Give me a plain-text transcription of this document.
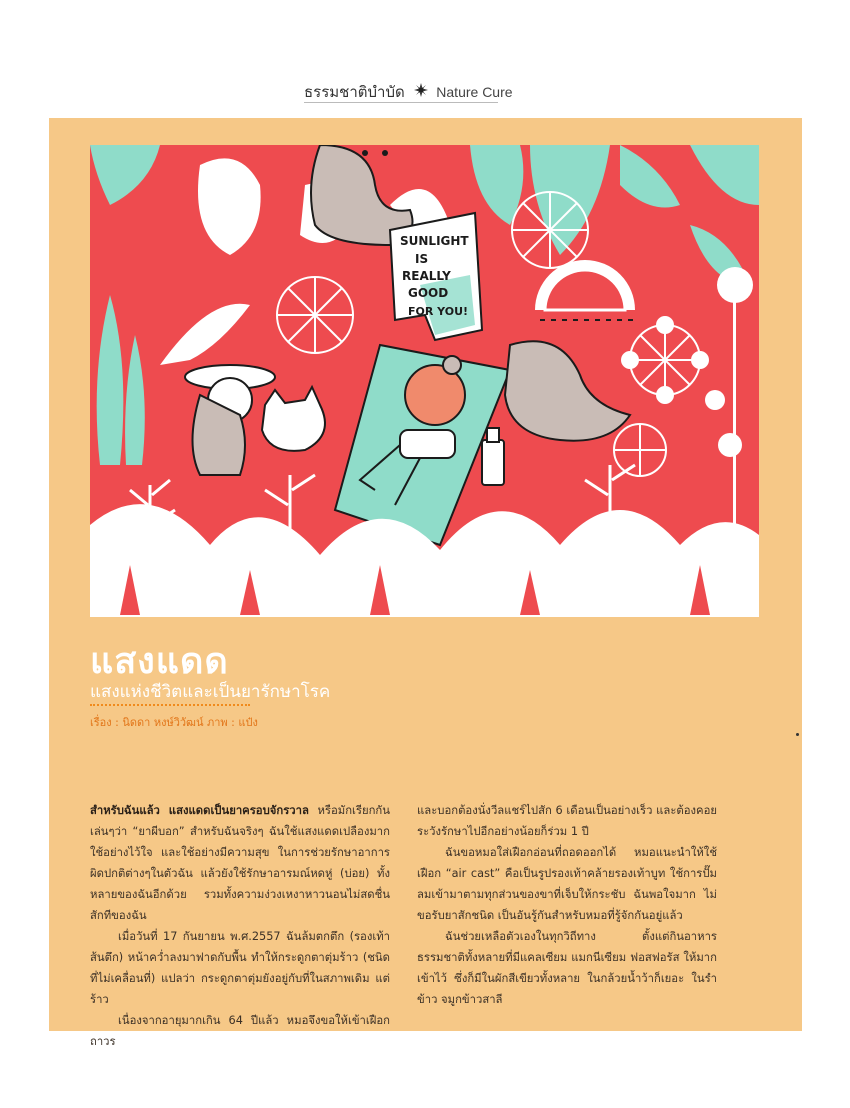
ธรรมชาติบำบัด Nature Cure
SUNLIGHT
IS
REALLY
GOOD
FOR YOU!
แสงแดด
แสงแห่งชีวิตและเป็นยารักษาโรค
เรื่อง : นิดดา หงษ์วิวัฒน์ ภาพ : แป๋ง

สำหรับฉันแล้ว แสงแดดเป็นยาครอบจักรวาล หรือมักเรียกกันเล่นๆว่า “ยาผีบอก” สำหรับฉันจริงๆ ฉันใช้แสงแดดเปลืองมาก ใช้อย่างไว้ใจ และใช้อย่างมีความสุข ในการช่วยรักษาอาการผิดปกติต่างๆในตัวฉัน แล้วยังใช้รักษาอารมณ์หดหู่ (บ่อย) ทั้งหลายของฉันอีกด้วย รวมทั้งความง่วงเหงาหาวนอนไม่สดชื่นสักทีของฉัน

เมื่อวันที่ 17 กันยายน พ.ศ.2557 ฉันล้มตกตึก (รองเท้าส้นตึก) หน้าคว่ำลงมาฟาดกับพื้น ทำให้กระดูกตาตุ่มร้าว (ชนิดที่ไม่เคลื่อนที่) แปลว่า กระดูกตาตุ่มยังอยู่กับที่ในสภาพเดิม แต่ร้าว

เนื่องจากอายุมากเกิน 64 ปีแล้ว หมอจึงขอให้เข้าเฝือกถาวร

และบอกต้องนั่งวีลแชร์ไปสัก 6 เดือนเป็นอย่างเร็ว และต้องคอยระวังรักษาไปอีกอย่างน้อยก็ร่วม 1 ปี

ฉันขอหมอใส่เฝือกอ่อนที่ถอดออกได้ หมอแนะนำให้ใช้เฝือก “air cast” คือเป็นรูปรองเท้าคล้ายรองเท้าบูท ใช้การปั๊มลมเข้ามาตามทุกส่วนของขาที่เจ็บให้กระชับ ฉันพอใจมาก ไม่ขอรับยาสักชนิด เป็นอันรู้กันสำหรับหมอที่รู้จักกันอยู่แล้ว

ฉันช่วยเหลือตัวเองในทุกวิถีทาง ตั้งแต่กินอาหารธรรมชาติทั้งหลายที่มีแคลเซียม แมกนีเซียม ฟอสฟอรัส ให้มากเข้าไว้ ซึ่งก็มีในผักสีเขียวทั้งหลาย ในกล้วยน้ำว้าก็เยอะ ในรำข้าว จมูกข้าวสาลี
